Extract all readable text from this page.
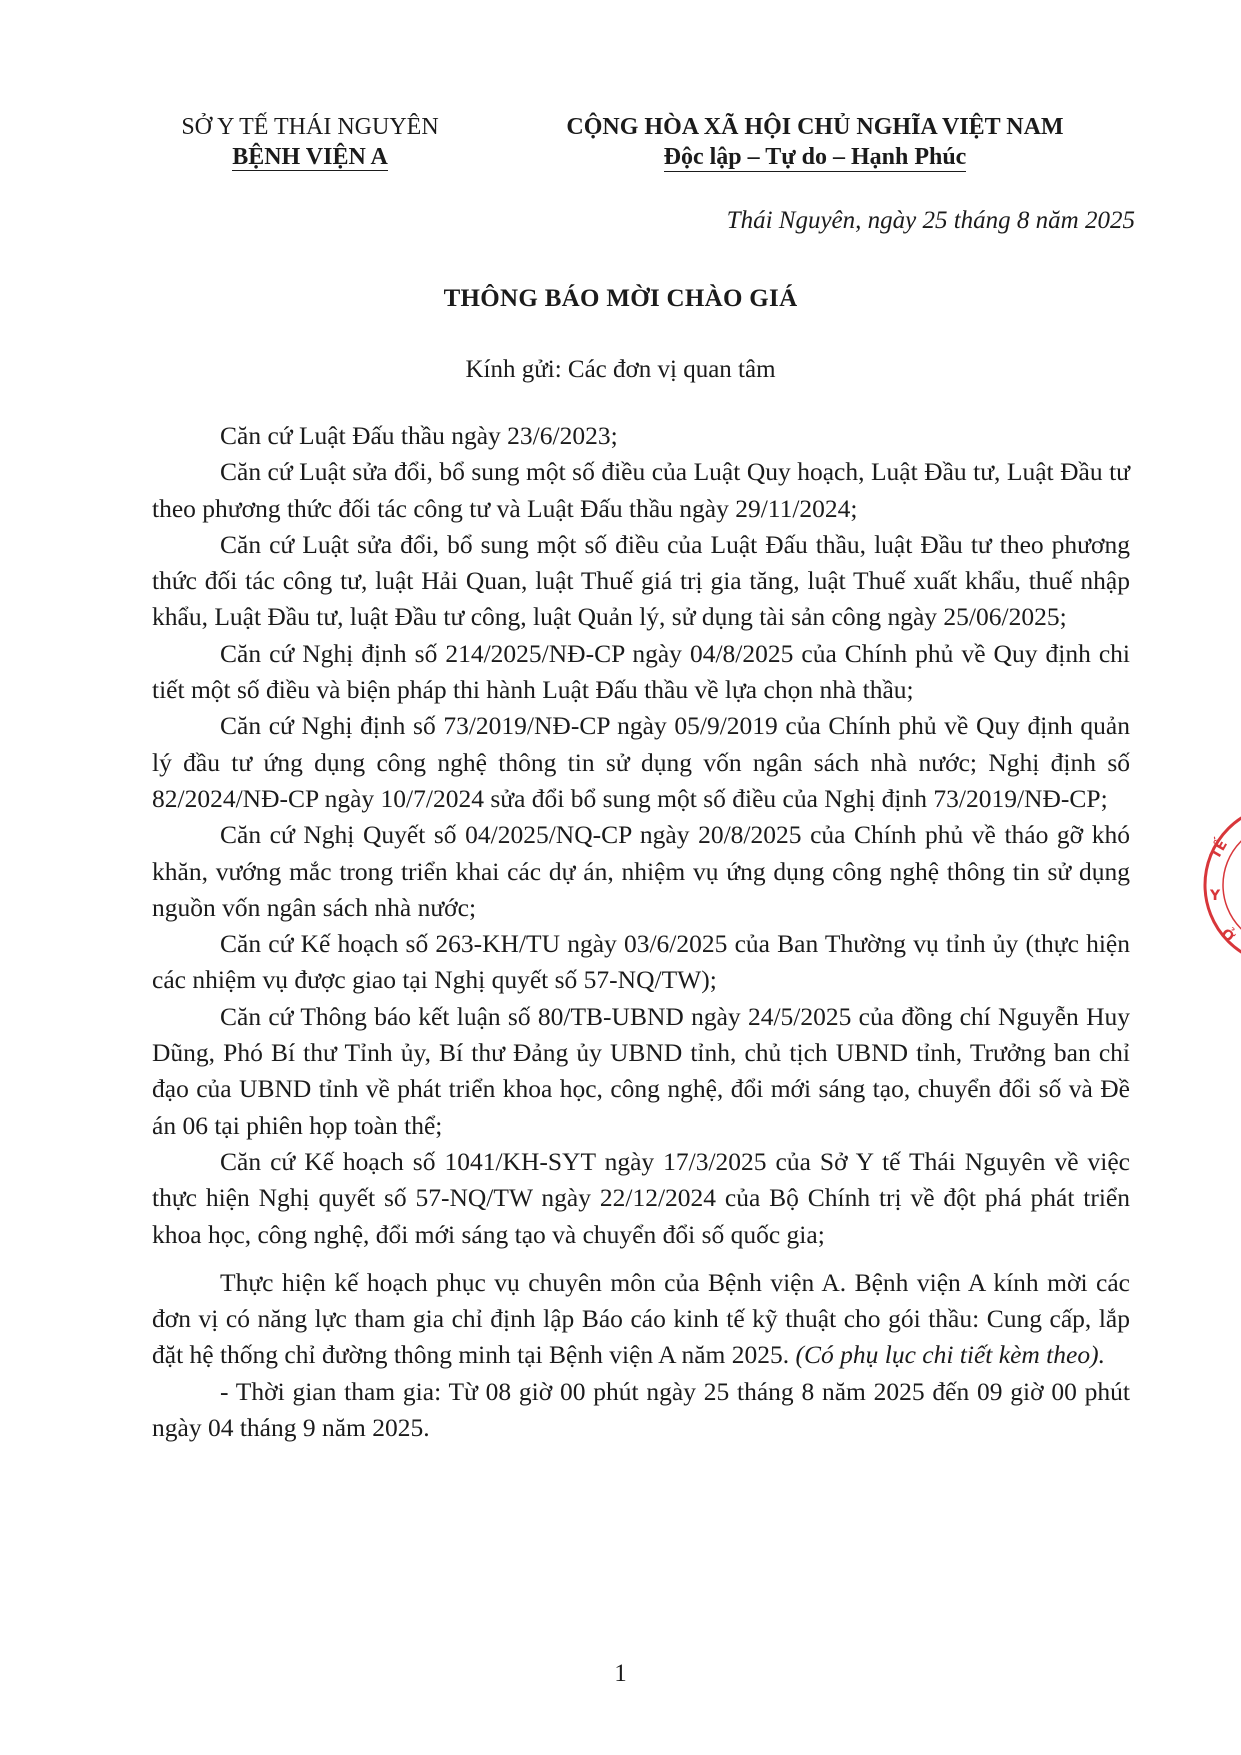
SỞ Y TẾ THÁI NGUYÊN
BỆNH VIỆN A
CỘNG HÒA XÃ HỘI CHỦ NGHĨA VIỆT NAM
Độc lập – Tự do – Hạnh Phúc
Thái Nguyên, ngày 25 tháng 8 năm 2025
THÔNG BÁO MỜI CHÀO GIÁ
Kính gửi: Các đơn vị quan tâm

Căn cứ Luật Đấu thầu ngày 23/6/2023;

Căn cứ Luật sửa đổi, bổ sung một số điều của Luật Quy hoạch, Luật Đầu tư, Luật Đầu tư theo phương thức đối tác công tư và Luật Đấu thầu ngày 29/11/2024;

Căn cứ Luật sửa đổi, bổ sung một số điều của Luật Đấu thầu, luật Đầu tư theo phương thức đối tác công tư, luật Hải Quan, luật Thuế giá trị gia tăng, luật Thuế xuất khẩu, thuế nhập khẩu, Luật Đầu tư, luật Đầu tư công, luật Quản lý, sử dụng tài sản công ngày 25/06/2025;

Căn cứ Nghị định số 214/2025/NĐ-CP ngày 04/8/2025 của Chính phủ về Quy định chi tiết một số điều và biện pháp thi hành Luật Đấu thầu về lựa chọn nhà thầu;

Căn cứ Nghị định số 73/2019/NĐ-CP ngày 05/9/2019 của Chính phủ về Quy định quản lý đầu tư ứng dụng công nghệ thông tin sử dụng vốn ngân sách nhà nước; Nghị định số 82/2024/NĐ-CP ngày 10/7/2024 sửa đổi bổ sung một số điều của Nghị định 73/2019/NĐ-CP;

Căn cứ Nghị Quyết số 04/2025/NQ-CP ngày 20/8/2025 của Chính phủ về tháo gỡ khó khăn, vướng mắc trong triển khai các dự án, nhiệm vụ ứng dụng công nghệ thông tin sử dụng nguồn vốn ngân sách nhà nước;

Căn cứ Kế hoạch số 263-KH/TU ngày 03/6/2025 của Ban Thường vụ tỉnh ủy (thực hiện các nhiệm vụ được giao tại Nghị quyết số 57-NQ/TW);

Căn cứ Thông báo kết luận số 80/TB-UBND ngày 24/5/2025 của đồng chí Nguyễn Huy Dũng, Phó Bí thư Tỉnh ủy, Bí thư Đảng ủy UBND tỉnh, chủ tịch UBND tỉnh, Trưởng ban chỉ đạo của UBND tỉnh về phát triển khoa học, công nghệ, đổi mới sáng tạo, chuyển đổi số và Đề án 06 tại phiên họp toàn thể;

Căn cứ Kế hoạch số 1041/KH-SYT ngày 17/3/2025 của Sở Y tế Thái Nguyên về việc thực hiện Nghị quyết số 57-NQ/TW ngày 22/12/2024 của Bộ Chính trị về đột phá phát triển khoa học, công nghệ, đổi mới sáng tạo và chuyển đổi số quốc gia;

Thực hiện kế hoạch phục vụ chuyên môn của Bệnh viện A. Bệnh viện A kính mời các đơn vị có năng lực tham gia chỉ định lập Báo cáo kinh tế kỹ thuật cho gói thầu: Cung cấp, lắp đặt hệ thống chỉ đường thông minh tại Bệnh viện A năm 2025. (Có phụ lục chi tiết kèm theo).

- Thời gian tham gia: Từ 08 giờ 00 phút ngày 25 tháng 8 năm 2025 đến 09 giờ 00 phút ngày 04 tháng 9 năm 2025.

1
TẾ
Y
Ở
